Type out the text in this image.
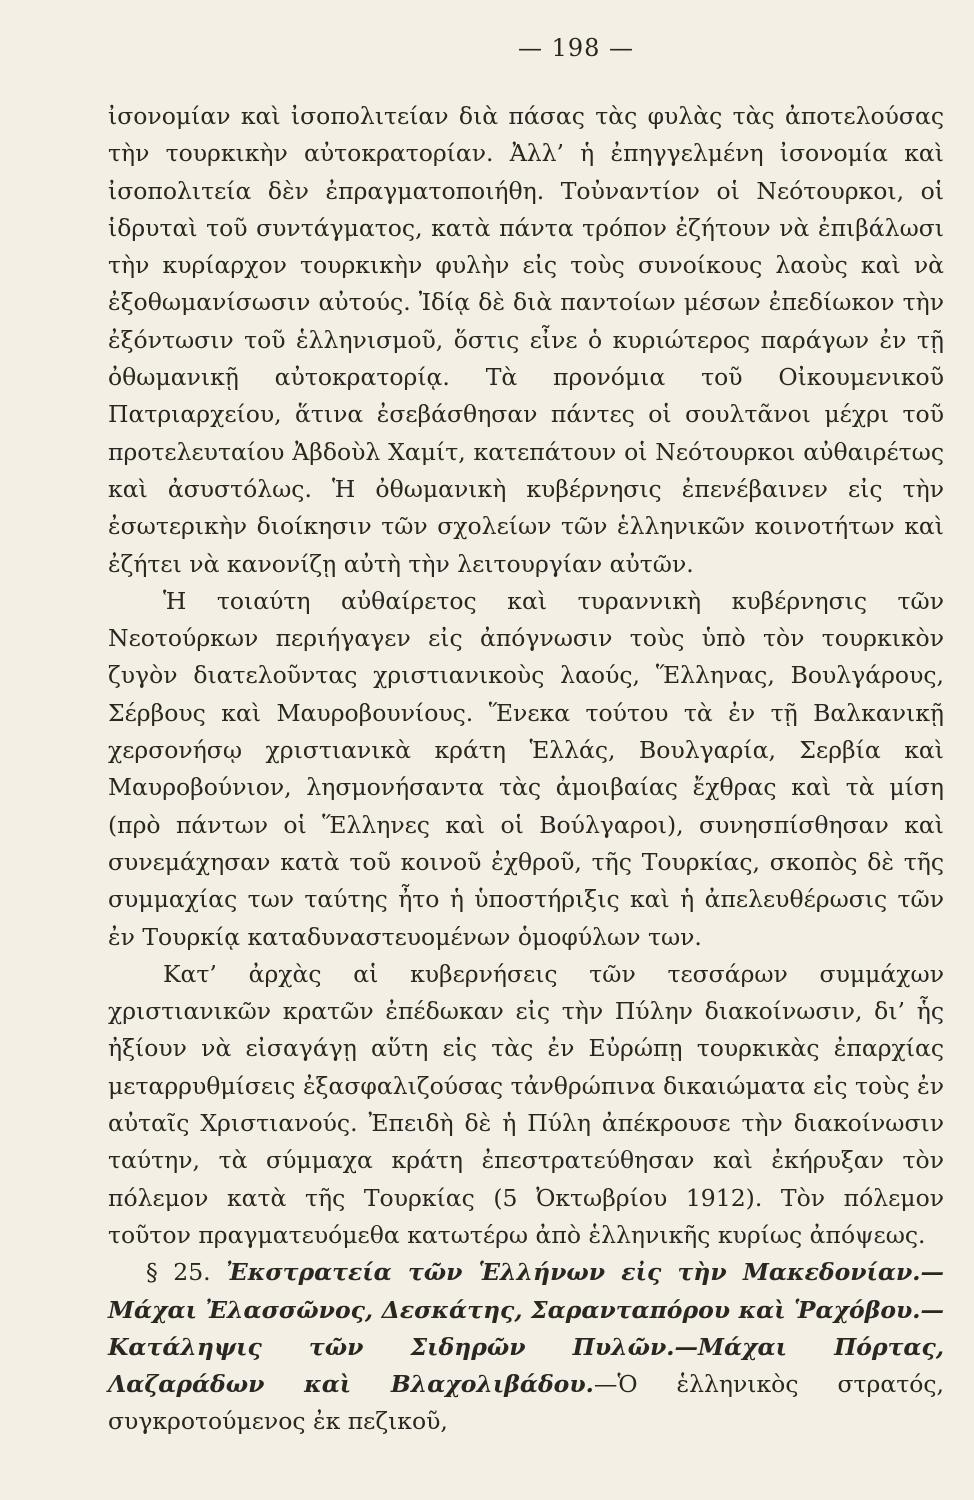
— 198 —

ἰσονομίαν καὶ ἰσοπολιτείαν διὰ πάσας τὰς φυλὰς τὰς ἀποτελούσας τὴν τουρκικὴν αὐτοκρατορίαν. Ἀλλ’ ἡ ἐπηγγελμένη ἰσονομία καὶ ἰσοπολιτεία δὲν ἐπραγματοποιήθη. Τοὐναντίον οἱ Νεότουρκοι, οἱ ἱδρυταὶ τοῦ συντάγματος, κατὰ πάντα τρόπον ἐζήτουν νὰ ἐπιβάλωσι τὴν κυρίαρχον τουρκικὴν φυλὴν εἰς τοὺς συνοίκους λαοὺς καὶ νὰ ἐξοθωμανίσωσιν αὐτούς. Ἰδίᾳ δὲ διὰ παντοίων μέσων ἐπεδίωκον τὴν ἐξόντωσιν τοῦ ἑλληνισμοῦ, ὅστις εἶνε ὁ κυριώτερος παράγων ἐν τῇ ὀθωμανικῇ αὐτοκρατορίᾳ. Τὰ προνόμια τοῦ Οἰκουμενικοῦ Πατριαρχείου, ἅτινα ἐσεβάσθησαν πάντες οἱ σουλτᾶνοι μέχρι τοῦ προτελευταίου Ἀβδοὺλ Χαμίτ, κατεπάτουν οἱ Νεότουρκοι αὐθαιρέτως καὶ ἀσυστόλως. Ἡ ὀθωμανικὴ κυβέρνησις ἐπενέβαινεν εἰς τὴν ἐσωτερικὴν διοίκησιν τῶν σχολείων τῶν ἑλληνικῶν κοινοτήτων καὶ ἐζήτει νὰ κανονίζῃ αὐτὴ τὴν λειτουργίαν αὐτῶν.

Ἡ τοιαύτη αὐθαίρετος καὶ τυραννικὴ κυβέρνησις τῶν Νεοτούρκων περιήγαγεν εἰς ἀπόγνωσιν τοὺς ὑπὸ τὸν τουρκικὸν ζυγὸν διατελοῦντας χριστιανικοὺς λαούς, Ἕλληνας, Βουλγάρους, Σέρβους καὶ Μαυροβουνίους. Ἕνεκα τούτου τὰ ἐν τῇ Βαλκανικῇ χερσονήσῳ χριστιανικὰ κράτη Ἑλλάς, Βουλγαρία, Σερβία καὶ Μαυροβούνιον, λησμονήσαντα τὰς ἀμοιβαίας ἔχθρας καὶ τὰ μίση (πρὸ πάντων οἱ Ἕλληνες καὶ οἱ Βούλγαροι), συνησπίσθησαν καὶ συνεμάχησαν κατὰ τοῦ κοινοῦ ἐχθροῦ, τῆς Τουρκίας, σκοπὸς δὲ τῆς συμμαχίας των ταύτης ἦτο ἡ ὑποστήριξις καὶ ἡ ἀπελευθέρωσις τῶν ἐν Τουρκίᾳ καταδυναστευομένων ὁμοφύλων των.

Κατ’ ἀρχὰς αἱ κυβερνήσεις τῶν τεσσάρων συμμάχων χριστιανικῶν κρατῶν ἐπέδωκαν εἰς τὴν Πύλην διακοίνωσιν, δι’ ἧς ἠξίουν νὰ εἰσαγάγῃ αὕτη εἰς τὰς ἐν Εὐρώπῃ τουρκικὰς ἐπαρχίας μεταρρυθμίσεις ἐξασφαλιζούσας τἀνθρώπινα δικαιώματα εἰς τοὺς ἐν αὐταῖς Χριστιανούς. Ἐπειδὴ δὲ ἡ Πύλη ἀπέκρουσε τὴν διακοίνωσιν ταύτην, τὰ σύμμαχα κράτη ἐπεστρατεύθησαν καὶ ἐκήρυξαν τὸν πόλεμον κατὰ τῆς Τουρκίας (5 Ὀκτωβρίου 1912). Τὸν πόλεμον τοῦτον πραγματευόμεθα κατωτέρω ἀπὸ ἑλληνικῆς κυρίως ἀπόψεως.

§ 25. Ἐκστρατεία τῶν Ἑλλήνων εἰς τὴν Μακεδονίαν.—Μάχαι Ἐλασσῶνος, Δεσκάτης, Σαρανταπόρου καὶ Ῥαχόβου.—Κατάληψις τῶν Σιδηρῶν Πυλῶν.—Μάχαι Πόρτας, Λαζαράδων καὶ Βλαχολιβάδου.—Ὁ ἑλληνικὸς στρατός, συγκροτούμενος ἐκ πεζικοῦ,
